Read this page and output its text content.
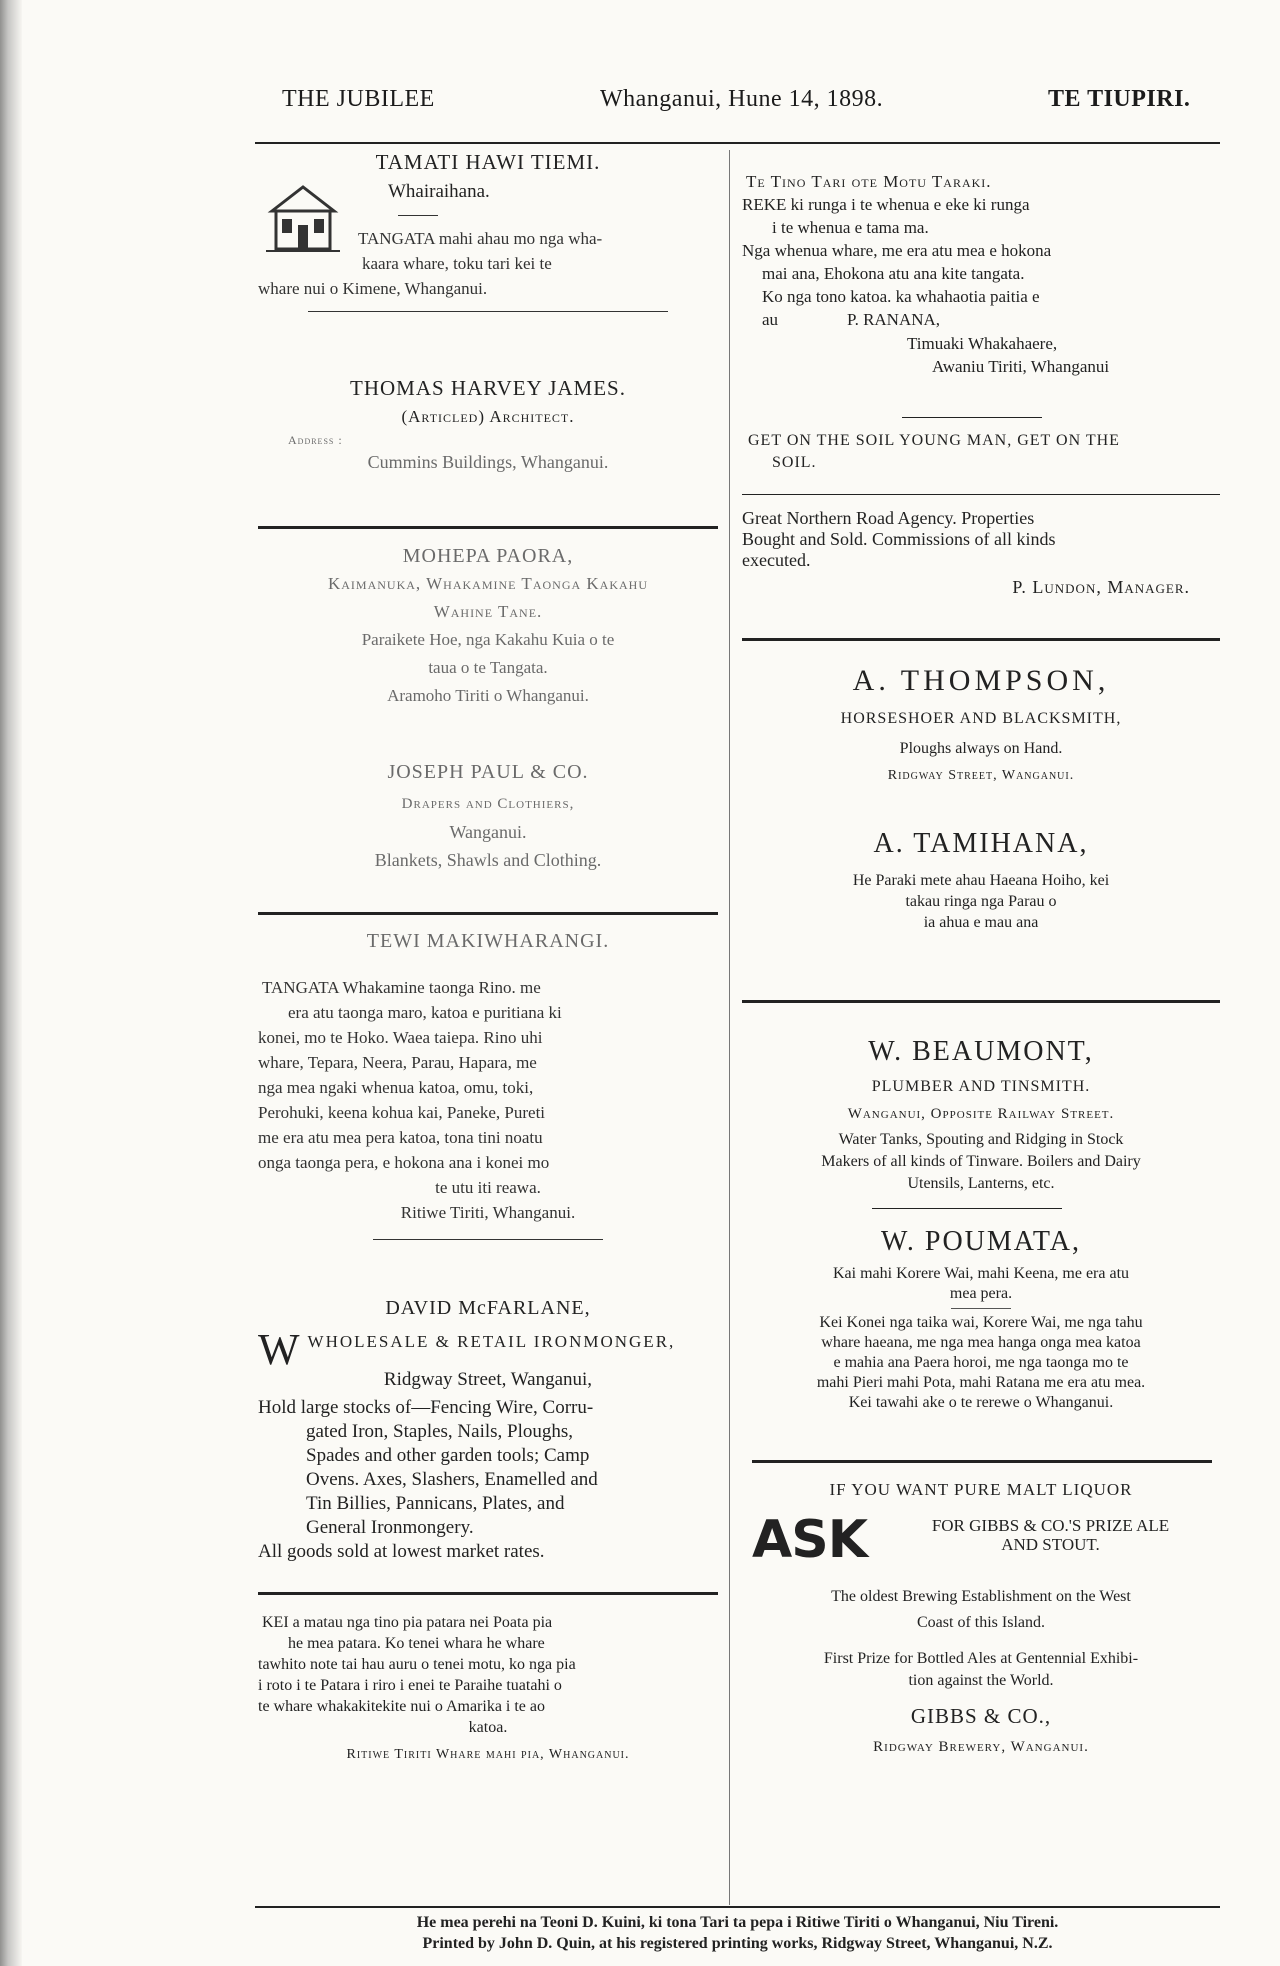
THE JUBILEE	Whanganui, Hune 14, 1898.	TE TIUPIRI.
TAMATI HAWI TIEMI.
Whairaihana.
TANGATA mahi ahau mo nga wha-
kaara whare, toku tari kei te
whare nui o Kimene, Whanganui.
THOMAS HARVEY JAMES.
(Articled) Architect.
Address :
Cummins Buildings, Whanganui.
MOHEPA PAORA,
Kaimanuka, Whakamine Taonga Kakahu
Wahine Tane.
Paraikete Hoe, nga Kakahu Kuia o te
taua o te Tangata.
Aramoho Tiriti o Whanganui.
JOSEPH PAUL & CO.
Drapers and Clothiers,
Wanganui.
Blankets, Shawls and Clothing.
TEWI MAKIWHARANGI.
TANGATA Whakamine taonga Rino. me
era atu taonga maro, katoa e puritiana ki
konei, mo te Hoko. Waea taiepa. Rino uhi
whare, Tepara, Neera, Parau, Hapara, me
nga mea ngaki whenua katoa, omu, toki,
Perohuki, keena kohua kai, Paneke, Pureti
me era atu mea pera katoa, tona tini noatu
onga taonga pera, e hokona ana i konei mo
te utu iti reawa.
Ritiwe Tiriti, Whanganui.
DAVID McFARLANE,
W WHOLESALE & RETAIL IRONMONGER,
Ridgway Street, Wanganui,
Hold large stocks of—Fencing Wire, Corru-
gated Iron, Staples, Nails, Ploughs,
Spades and other garden tools; Camp
Ovens. Axes, Slashers, Enamelled and
Tin Billies, Pannicans, Plates, and
General Ironmongery.
All goods sold at lowest market rates.
KEI a matau nga tino pia patara nei Poata pia
he mea patara. Ko tenei whara he whare
tawhito note tai hau auru o tenei motu, ko nga pia
i roto i te Patara i riro i enei te Paraihe tuatahi o
te whare whakakitekite nui o Amarika i te ao
katoa.
Ritiwe Tiriti Whare mahi pia, Whanganui.
Te Tino Tari ote Motu Taraki.
REKE ki runga i te whenua e eke ki runga
i te whenua e tama ma.
Nga whenua whare, me era atu mea e hokona
mai ana, Ehokona atu ana kite tangata.
Ko nga tono katoa. ka whahaotia paitia e
au	P. RANANA,
Timuaki Whakahaere,
Awaniu Tiriti, Whanganui
GET ON THE SOIL YOUNG MAN, GET ON THE
SOIL.
Great Northern Road Agency. Properties
Bought and Sold. Commissions of all kinds
executed.
P. Lundon, Manager.
A. THOMPSON,
HORSESHOER AND BLACKSMITH,
Ploughs always on Hand.
Ridgway Street, Wanganui.
A. TAMIHANA,
He Paraki mete ahau Haeana Hoiho, kei
takau ringa nga Parau o
ia ahua e mau ana
W. BEAUMONT,
PLUMBER AND TINSMITH.
Wanganui, Opposite Railway Street.
Water Tanks, Spouting and Ridging in Stock
Makers of all kinds of Tinware. Boilers and Dairy
Utensils, Lanterns, etc.
W. POUMATA,
Kai mahi Korere Wai, mahi Keena, me era atu
mea pera.
Kei Konei nga taika wai, Korere Wai, me nga tahu
whare haeana, me nga mea hanga onga mea katoa
e mahia ana Paera horoi, me nga taonga mo te
mahi Pieri mahi Pota, mahi Ratana me era atu mea.
Kei tawahi ake o te rerewe o Whanganui.
IF YOU WANT PURE MALT LIQUOR
ASK	FOR GIBBS & CO.'S PRIZE ALE
AND STOUT.
The oldest Brewing Establishment on the West
Coast of this Island.
First Prize for Bottled Ales at Gentennial Exhibi-
tion against the World.
GIBBS & CO.,
Ridgway Brewery, Wanganui.
He mea perehi na Teoni D. Kuini, ki tona Tari ta pepa i Ritiwe Tiriti o Whanganui, Niu Tireni.
Printed by John D. Quin, at his registered printing works, Ridgway Street, Whanganui, N.Z.
